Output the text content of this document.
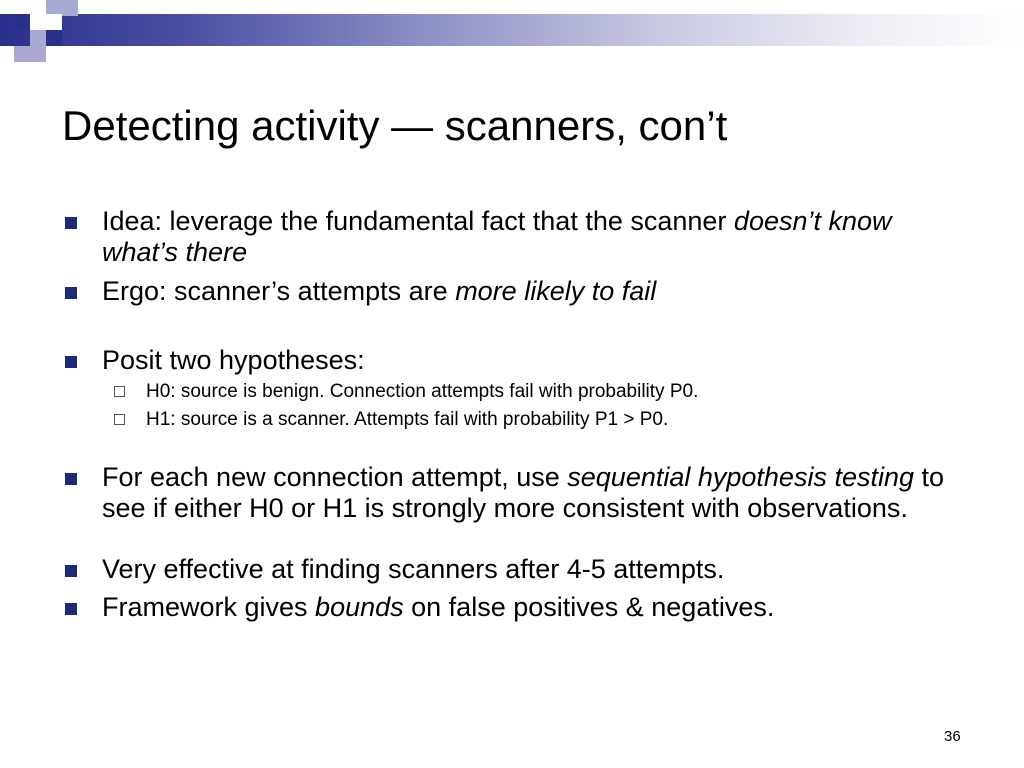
Detecting activity — scanners, con’t
Idea: leverage the fundamental fact that the scanner doesn’t know what’s there
Ergo: scanner’s attempts are more likely to fail
Posit two hypotheses:
H0: source is benign. Connection attempts fail with probability P0.
H1: source is a scanner. Attempts fail with probability P1 > P0.
For each new connection attempt, use sequential hypothesis testing to see if either H0 or H1 is strongly more consistent with observations.
Very effective at finding scanners after 4-5 attempts.
Framework gives bounds on false positives & negatives.
36
